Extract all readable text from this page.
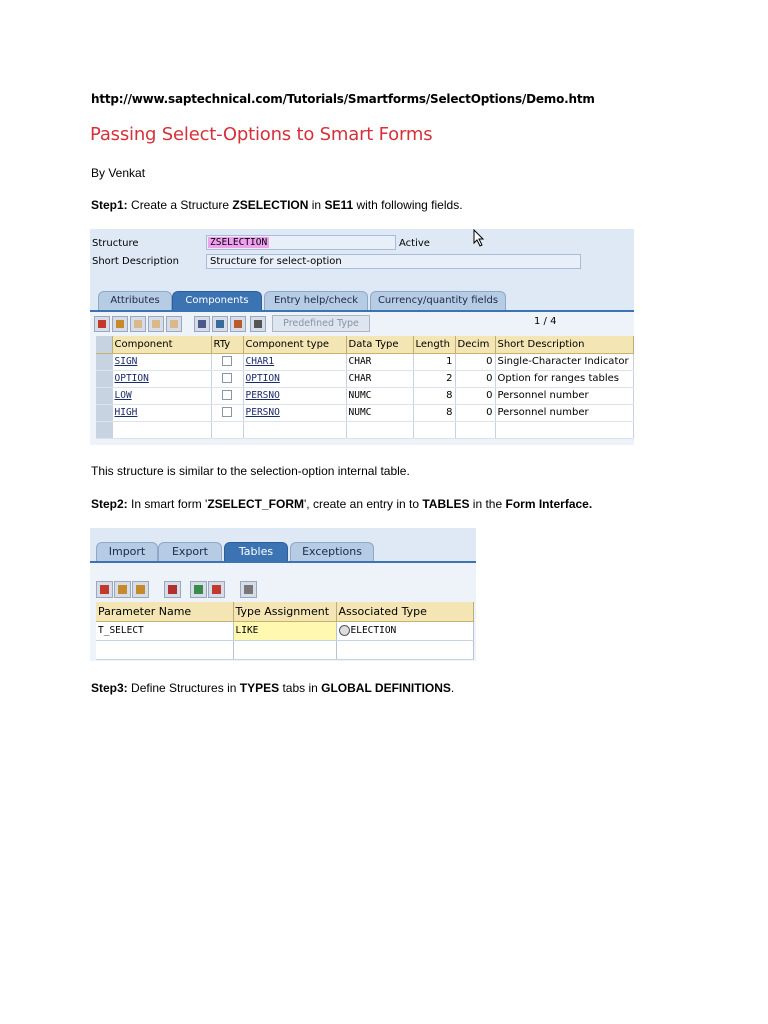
http://www.saptechnical.com/Tutorials/Smartforms/SelectOptions/Demo.htm
Passing Select-Options to Smart Forms
By Venkat
Step1: Create a Structure ZSELECTION in SE11 with following fields.
Structure	ZSELECTION	Active
Short Description	Structure for select-option
Attributes	Components	Entry help/check	Currency/quantity fields
Predefined Type	1 / 4
	Component	RTy	Component type	Data Type	Length	Decim	Short Description
	SIGN		CHAR1	CHAR	1	0	Single-Character Indicator
	OPTION		OPTION	CHAR	2	0	Option for ranges tables
	LOW		PERSNO	NUMC	8	0	Personnel number
	HIGH		PERSNO	NUMC	8	0	Personnel number

This structure is similar to the selection-option internal table.
Step2: In smart form 'ZSELECT_FORM', create an entry in to TABLES in the Form Interface.
Import	Export	Tables	Exceptions
Parameter Name	Type Assignment	Associated Type
T_SELECT	LIKE	ELECTION

Step3: Define Structures in TYPES tabs in GLOBAL DEFINITIONS.
